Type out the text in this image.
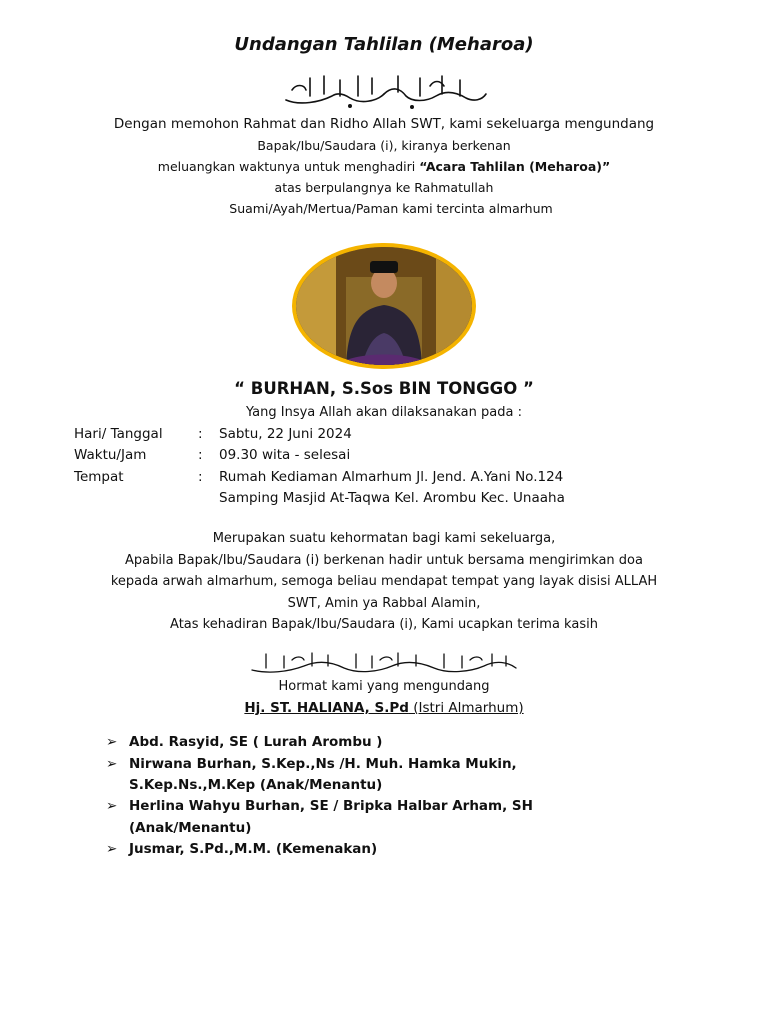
Undangan Tahlilan (Meharoa)
Dengan memohon Rahmat dan Ridho Allah SWT, kami sekeluarga mengundang
Bapak/Ibu/Saudara (i), kiranya berkenan
meluangkan waktunya untuk menghadiri “Acara Tahlilan (Meharoa)”
atas berpulangnya ke Rahmatullah
Suami/Ayah/Mertua/Paman kami tercinta almarhum
“ BURHAN, S.Sos BIN TONGGO ”
Yang Insya Allah akan dilaksanakan pada :
Hari/ Tanggal	: Sabtu, 22 Juni 2024
Waktu/Jam	: 09.30 wita - selesai
Tempat	: Rumah Kediaman Almarhum Jl. Jend. A.Yani No.124
Samping Masjid At-Taqwa Kel. Arombu Kec. Unaaha
Merupakan suatu kehormatan bagi kami sekeluarga,
Apabila Bapak/Ibu/Saudara (i) berkenan hadir untuk bersama mengirimkan doa
kepada arwah almarhum, semoga beliau mendapat tempat yang layak disisi ALLAH
SWT, Amin ya Rabbal Alamin,
Atas kehadiran Bapak/Ibu/Saudara (i), Kami ucapkan terima kasih
Hormat kami yang mengundang
Hj. ST. HALIANA, S.Pd (Istri Almarhum)
➢ Abd. Rasyid, SE ( Lurah Arombu )
➢ Nirwana Burhan, S.Kep.,Ns /H. Muh. Hamka Mukin,
S.Kep.Ns.,M.Kep (Anak/Menantu)
➢ Herlina Wahyu Burhan, SE / Bripka Halbar Arham, SH
(Anak/Menantu)
➢ Jusmar, S.Pd.,M.M. (Kemenakan)
